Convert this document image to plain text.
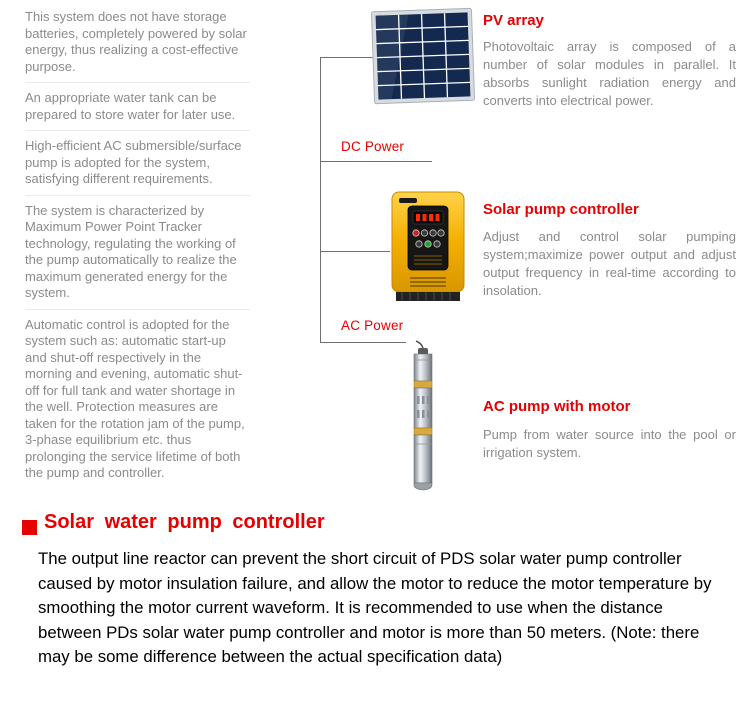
This system does not have storage batteries, completely powered by solar energy, thus realizing a cost-effective purpose.

An appropriate water tank can be prepared to store water for later use.

High-efficient AC submersible/surface pump is adopted for the system, satisfying different requirements.

The system is characterized by Maximum Power Point Tracker technology, regulating the working of the pump automatically to realize the maximum generated energy for the system.

Automatic control is adopted for the system such as: automatic start-up and shut-off respectively in the morning and evening, automatic shut-off for full tank and water shortage in the well. Protection measures are taken for the rotation jam of the pump, 3-phase equilibrium etc. thus prolonging the service lifetime of both the pump and controller.

DC Power
AC Power
PV array
Photovoltaic array is composed of a number of solar modules in parallel. It absorbs sunlight radiation energy and converts into electrical power.
Solar pump controller
Adjust and control solar pumping system;maximize power output and adjust output frequency in real-time according to insolation.
AC pump with motor
Pump from water source into the pool or irrigation system.
Solar water pump controller

The output line reactor can prevent the short circuit of PDS solar water pump controller caused by motor insulation failure, and allow the motor to reduce the motor temperature by smoothing the motor current waveform. It is recommended to use when the distance between PDs solar water pump controller and motor is more than 50 meters. (Note: there may be some difference between the actual specification data)
